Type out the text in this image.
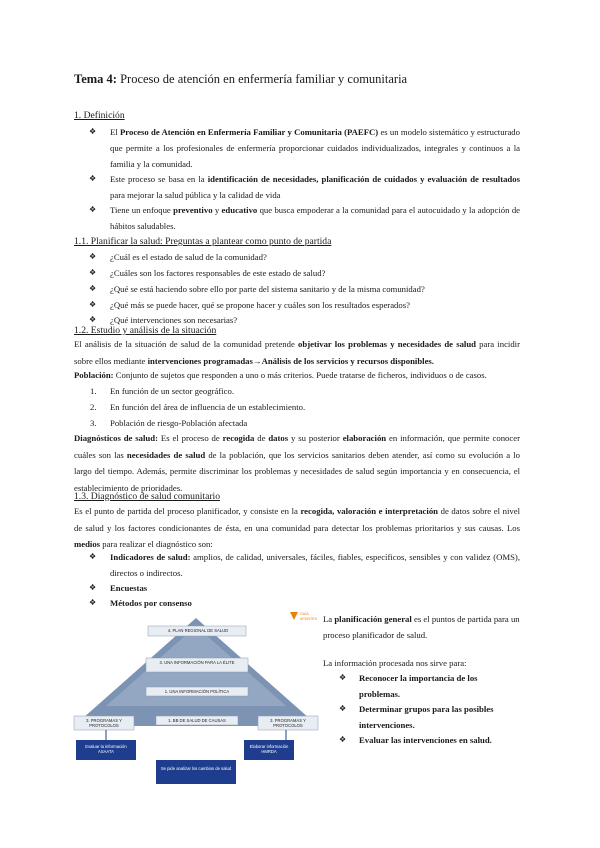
Tema 4: Proceso de atención en enfermería familiar y comunitaria
1. Definición
❖ El Proceso de Atención en Enfermería Familiar y Comunitaria (PAEFC) es un modelo sistemático y estructurado que permite a los profesionales de enfermería proporcionar cuidados individualizados, integrales y continuos a la familia y la comunidad.
❖ Este proceso se basa en la identificación de necesidades, planificación de cuidados y evaluación de resultados para mejorar la salud pública y la calidad de vida
❖ Tiene un enfoque preventivo y educativo que busca empoderar a la comunidad para el autocuidado y la adopción de hábitos saludables.
1.1. Planificar la salud: Preguntas a plantear como punto de partida
❖ ¿Cuál es el estado de salud de la comunidad?
❖ ¿Cuáles son los factores responsables de este estado de salud?
❖ ¿Qué se está haciendo sobre ello por parte del sistema sanitario y de la misma comunidad?
❖ ¿Qué más se puede hacer, qué se propone hacer y cuáles son los resultados esperados?
❖ ¿Qué intervenciones son necesarias?
1.2. Estudio y análisis de la situación
El análisis de la situación de salud de la comunidad pretende objetivar los problemas y necesidades de salud para incidir sobre ellos mediante intervenciones programadas→Análisis de los servicios y recursos disponibles.
Población: Conjunto de sujetos que responden a uno o más criterios. Puede tratarse de ficheros, individuos o de casos.
1. En función de un sector geográfico.
2. En función del área de influencia de un establecimiento.
3. Población de riesgo-Población afectada
Diagnósticos de salud: Es el proceso de recogida de datos y su posterior elaboración en información, que permite conocer cuáles son las necesidades de salud de la población, que los servicios sanitarios deben atender, así como su evolución a lo largo del tiempo. Además, permite discriminar los problemas y necesidades de salud según importancia y en consecuencia, el establecimiento de prioridades.
1.3. Diagnóstico de salud comunitario
Es el punto de partida del proceso planificador, y consiste en la recogida, valoración e interpretación de datos sobre el nivel de salud y los factores condicionantes de ésta, en una comunidad para detectar los problemas prioritarios y sus causas. Los medios para realizar el diagnóstico son:
❖ Indicadores de salud: amplios, de calidad, universales, fáciles, fiables, específicos, sensibles y con validez (OMS), directos o indirectos.
❖ Encuestas
❖ Métodos por consenso
La planificación general es el puntos de partida para un proceso planificador de salud.
La información procesada nos sirve para:
❖ Reconocer la importancia de los problemas.
❖ Determinar grupos para las posibles intervenciones.
❖ Evaluar las intervenciones en salud.
4. PLAN REGIONAL DE SALUD
3. UNA INFORMACIÓN PARA LA ÉLITE
1. UNA INFORMACIÓN POLÍTICA
1. BB DE SALUD DE CAUSAS
3. PROGRAMAS Y PROTOCOLOS
3. PROGRAMAS Y PROTOCOLOS
Evaluar la información ASAATA
Elaborar información HMRDA
Se pide analizar los cambios de salud
GUÍA APUNTES
